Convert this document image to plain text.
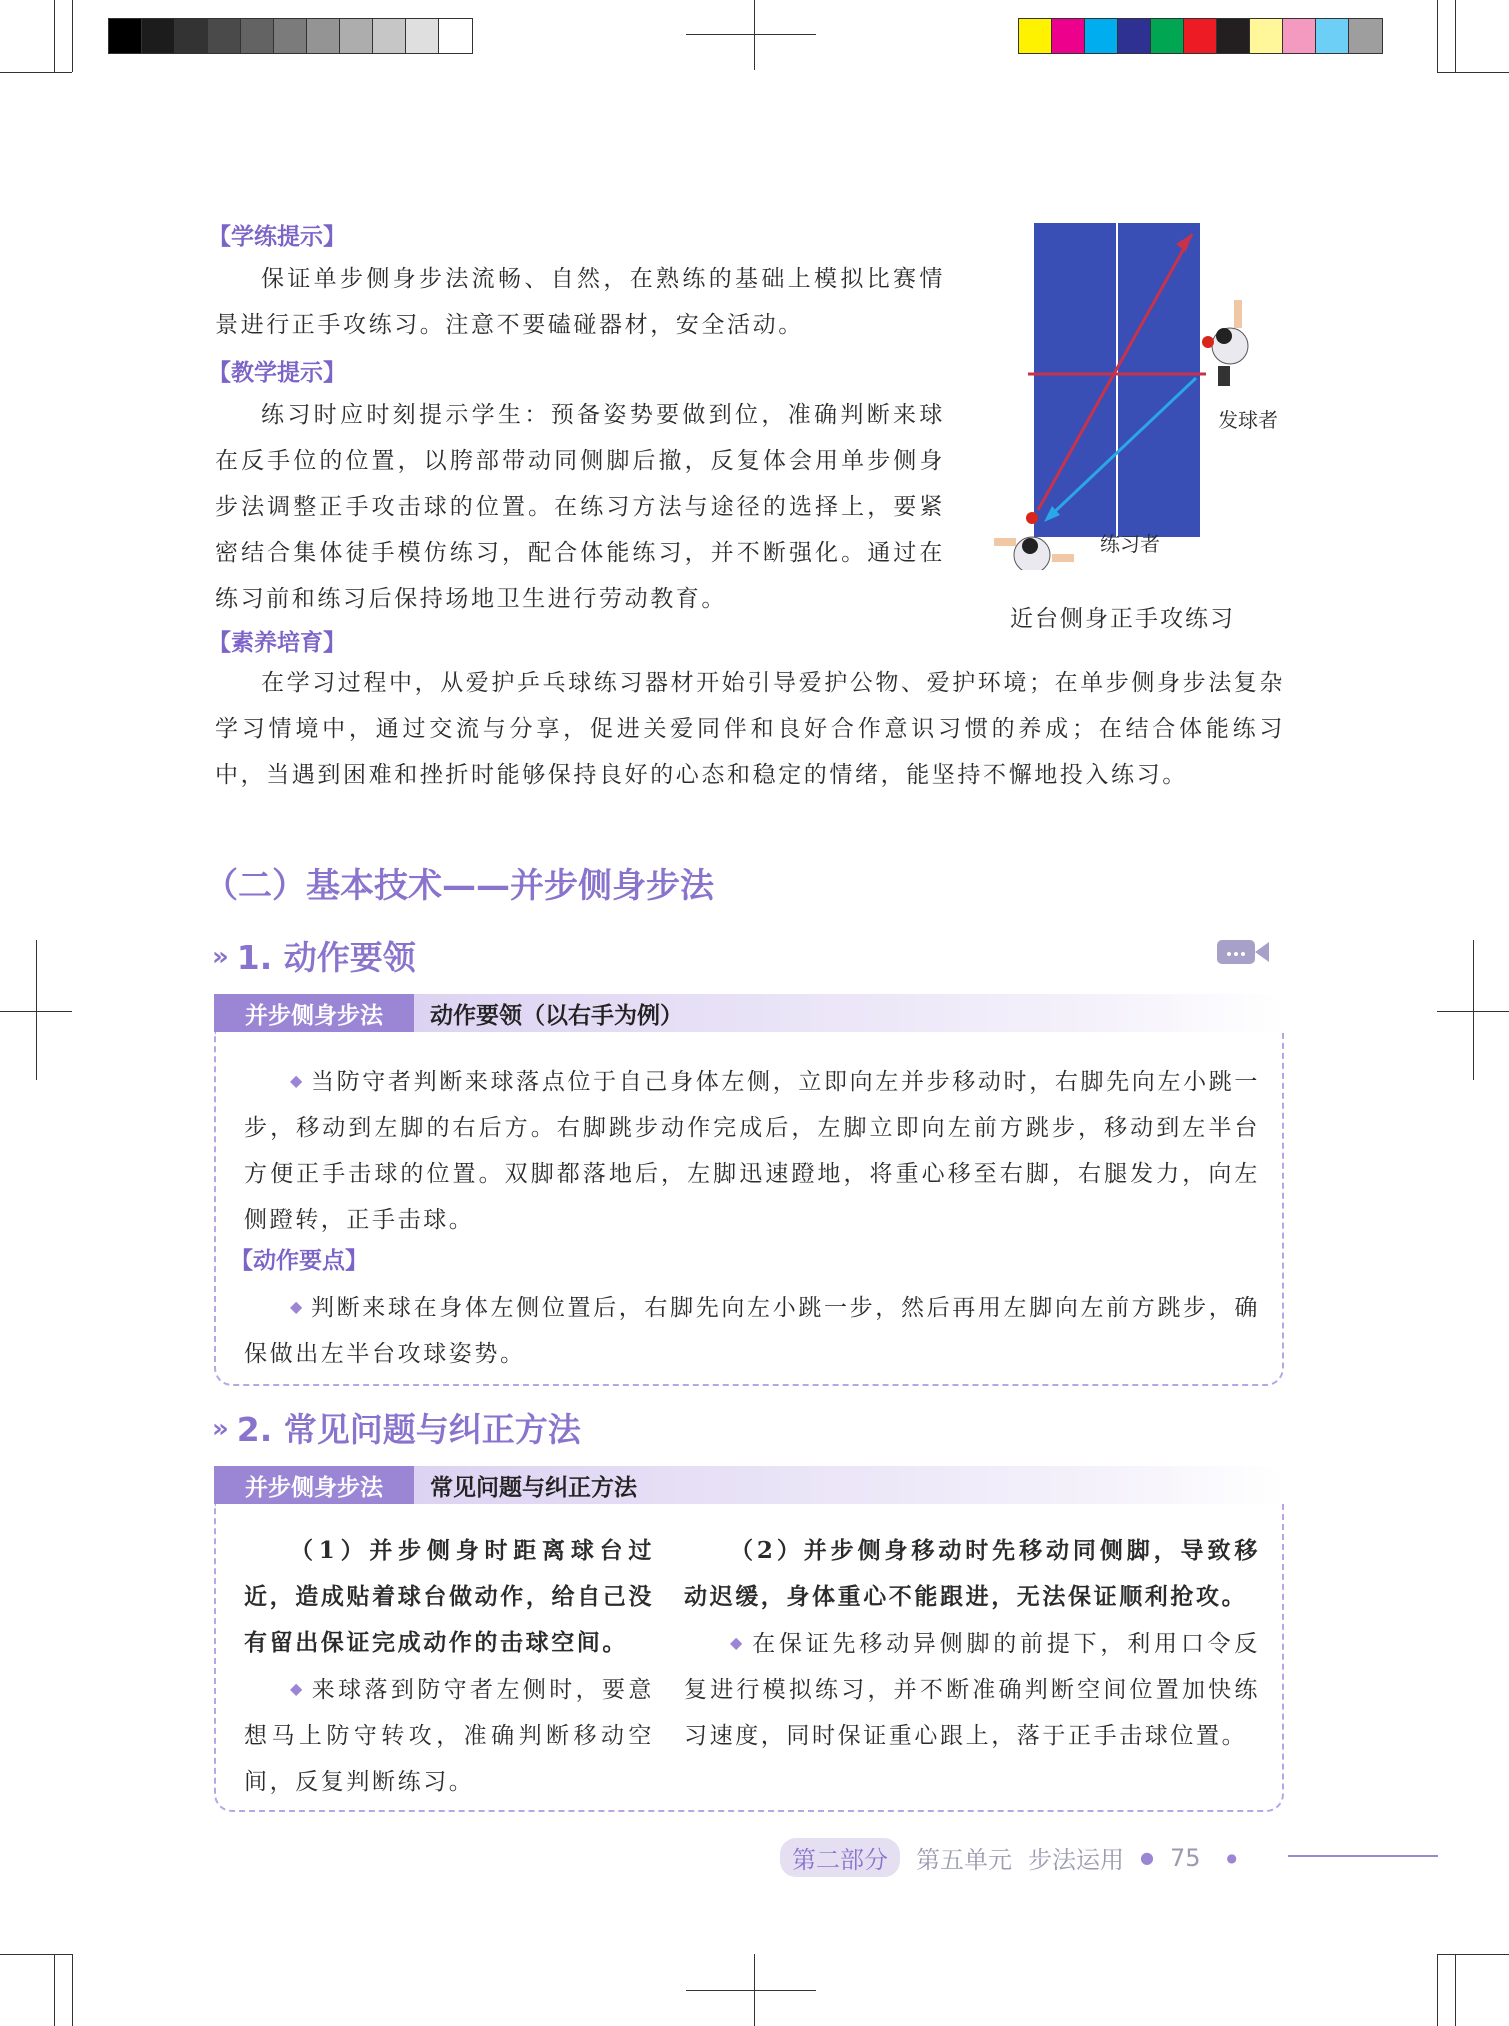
【学练提示】
保证单步侧身步法流畅、自然，在熟练的基础上模拟比赛情景进行正手攻练习。注意不要磕碰器材，安全活动。
【教学提示】
练习时应时刻提示学生：预备姿势要做到位，准确判断来球在反手位的位置，以胯部带动同侧脚后撤，反复体会用单步侧身步法调整正手攻击球的位置。在练习方法与途径的选择上，要紧密结合集体徒手模仿练习，配合体能练习，并不断强化。通过在练习前和练习后保持场地卫生进行劳动教育。
【素养培育】
在学习过程中，从爱护乒乓球练习器材开始引导爱护公物、爱护环境；在单步侧身步法复杂学习情境中，通过交流与分享，促进关爱同伴和良好合作意识习惯的养成；在结合体能练习中，当遇到困难和挫折时能够保持良好的心态和稳定的情绪，能坚持不懈地投入练习。
发球者
练习者
近台侧身正手攻练习
（二）基本技术——并步侧身步法
» 1. 动作要领
并步侧身步法	动作要领（以右手为例）
◆ 当防守者判断来球落点位于自己身体左侧，立即向左并步移动时，右脚先向左小跳一步，移动到左脚的右后方。右脚跳步动作完成后，左脚立即向左前方跳步，移动到左半台方便正手击球的位置。双脚都落地后，左脚迅速蹬地，将重心移至右脚，右腿发力，向左侧蹬转，正手击球。
【动作要点】
◆ 判断来球在身体左侧位置后，右脚先向左小跳一步，然后再用左脚向左前方跳步，确保做出左半台攻球姿势。
» 2. 常见问题与纠正方法
并步侧身步法	常见问题与纠正方法
（1）并步侧身时距离球台过近，造成贴着球台做动作，给自己没有留出保证完成动作的击球空间。
◆ 来球落到防守者左侧时，要意想马上防守转攻，准确判断移动空间，反复判断练习。
（2）并步侧身移动时先移动同侧脚，导致移动迟缓，身体重心不能跟进，无法保证顺利抢攻。
◆ 在保证先移动异侧脚的前提下，利用口令反复进行模拟练习，并不断准确判断空间位置加快练习速度，同时保证重心跟上，落于正手击球位置。
第二部分	第五单元 步法运用 ● 75 ●
